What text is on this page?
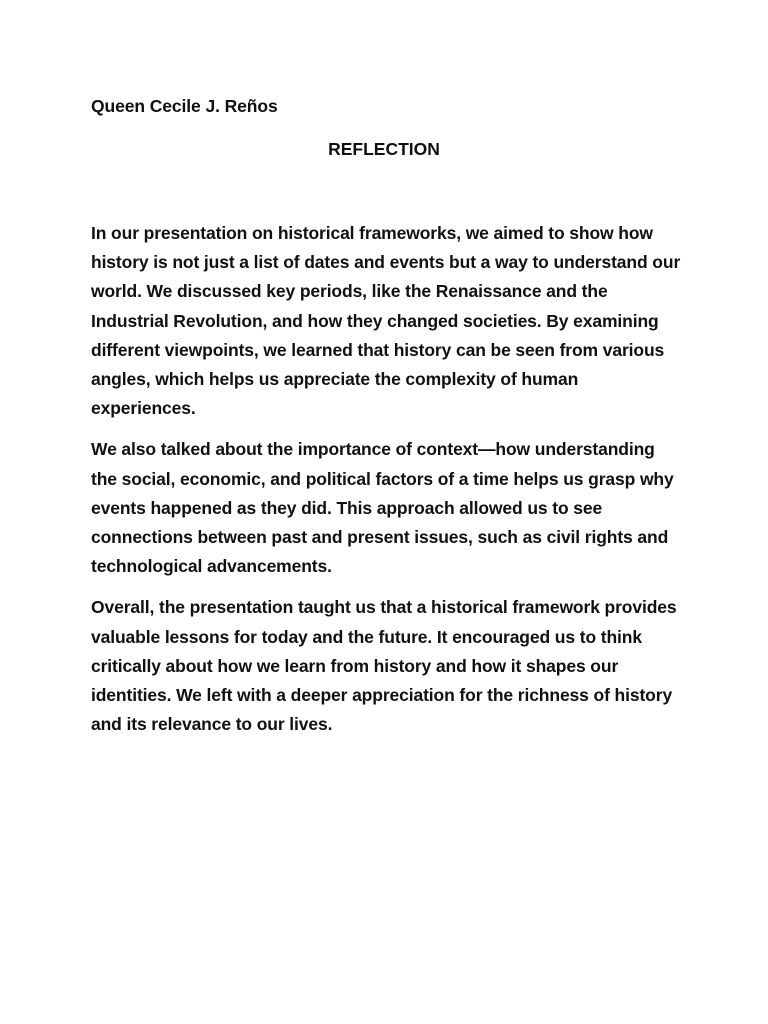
Queen Cecile J. Reños
REFLECTION

In our presentation on historical frameworks, we aimed to show how history is not just a list of dates and events but a way to understand our world. We discussed key periods, like the Renaissance and the Industrial Revolution, and how they changed societies. By examining different viewpoints, we learned that history can be seen from various angles, which helps us appreciate the complexity of human experiences.

We also talked about the importance of context—how understanding the social, economic, and political factors of a time helps us grasp why events happened as they did. This approach allowed us to see connections between past and present issues, such as civil rights and technological advancements.

Overall, the presentation taught us that a historical framework provides valuable lessons for today and the future. It encouraged us to think critically about how we learn from history and how it shapes our identities. We left with a deeper appreciation for the richness of history and its relevance to our lives.
